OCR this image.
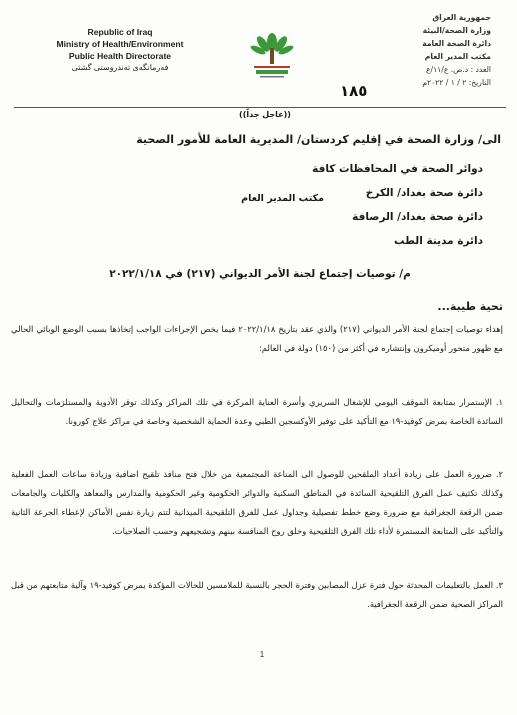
Republic of Iraq
Ministry of Health/Environment
Public Health Directorate
فەرمانگەی تەندروستی گشتی
جمهورية العراق
وزارة الصحة/البيئة
دائرة الصحة العامة
مكتب المدير العام
العدد : د.ص. ع/١١/ع
التاريخ: ٢ / ١ / ٢٠٢٢م
١٨٥
((عاجل جداً))
الى/ وزارة الصحة في إقليم كردستان/ المديرية العامة للأمور الصحية
دوائر الصحة في المحافظات كافة
دائرة صحة بغداد/ الكرخ
دائرة صحة بغداد/ الرصافة
دائرة مدينة الطب
مكتب المدير العام
م/ توصيات إجتماع لجنة الأمر الديواني (٢١٧) في ٢٠٢٢/١/١٨
تحية طيبة...
إهداء توصيات إجتماع لجنة الأمر الديواني (٢١٧) والذي عقد بتاريخ ٢٠٢٢/١/١٨ فيما يخص الإجراءات الواجب إتخاذها بسبب الوضع الوبائي الحالي مع ظهور متحور أوميكرون وإنتشاره في أكثر من (١٥٠) دولة في العالم:
١. الإستمرار بمتابعة الموقف اليومي للإشغال السريري وأسرة العناية المركزة في تلك المراكز وكذلك توفر الأدوية والمستلزمات والتحاليل السائدة الخاصة بمرض كوفيد-١٩ مع التأكيد على توفير الأوكسجين الطبي وعدة الحماية الشخصية وخاصة في مراكز علاج كورونا.
٢. ضرورة العمل على زيادة أعداد الملقحين للوصول الى المناعة المجتمعية من خلال فتح منافذ تلقيح اضافية وزيادة ساعات العمل الفعلية وكذلك تكثيف عمل الفرق التلقيحية السائدة في المناطق السكنية والدوائر الحكومية وغير الحكومية والمدارس والمعاهد والكليات والجامعات ضمن الرقعة الجغرافية مع ضرورة وضع خطط تفصيلية وجداول عمل للفرق التلقيحية الميدانية لتتم زيارة نفس الأماكن لإعطاء الجرعة الثانية والتأكيد على المتابعة المستمرة لأداء تلك الفرق التلقيحية وخلق روح المنافسة بينهم وتشجيعهم وحسب الصلاحيات.
٣. العمل بالتعليمات المحدثة حول فترة عزل المصابين وفترة الحجر بالنسبة للملامسين للحالات المؤكدة بمرض كوفيد-١٩ وآلية متابعتهم من قبل المراكز الصحية ضمن الرقعة الجغرافية.
1
